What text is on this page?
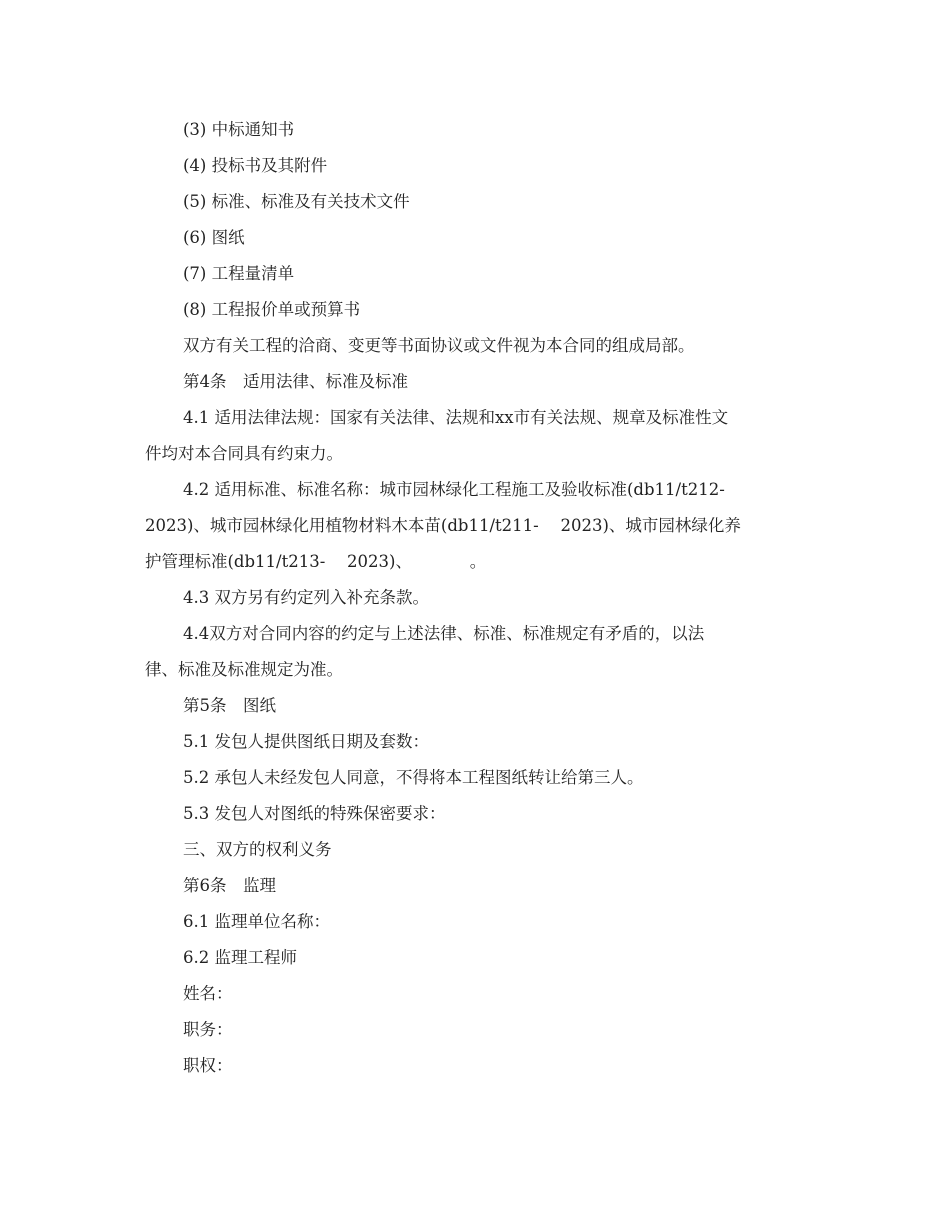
(3) 中标通知书

(4) 投标书及其附件

(5) 标准、标准及有关技术文件

(6) 图纸

(7) 工程量清单

(8) 工程报价单或预算书

双方有关工程的洽商、变更等书面协议或文件视为本合同的组成局部。

第4条　适用法律、标准及标准

4.1 适用法律法规：国家有关法律、法规和xx市有关法规、规章及标准性文

件均对本合同具有约束力。

4.2 适用标准、标准名称：城市园林绿化工程施工及验收标准(db11/t212-

2023)、城市园林绿化用植物材料木本苗(db11/t211-　 2023)、城市园林绿化养

护管理标准(db11/t213-　 2023)、　　　　。

4.3 双方另有约定列入补充条款。

4.4双方对合同内容的约定与上述法律、标准、标准规定有矛盾的，以法

律、标准及标准规定为准。

第5条　图纸

5.1 发包人提供图纸日期及套数：

5.2 承包人未经发包人同意，不得将本工程图纸转让给第三人。

5.3 发包人对图纸的特殊保密要求：

三、双方的权利义务

第6条　监理

6.1 监理单位名称：

6.2 监理工程师

姓名：

职务：

职权：
